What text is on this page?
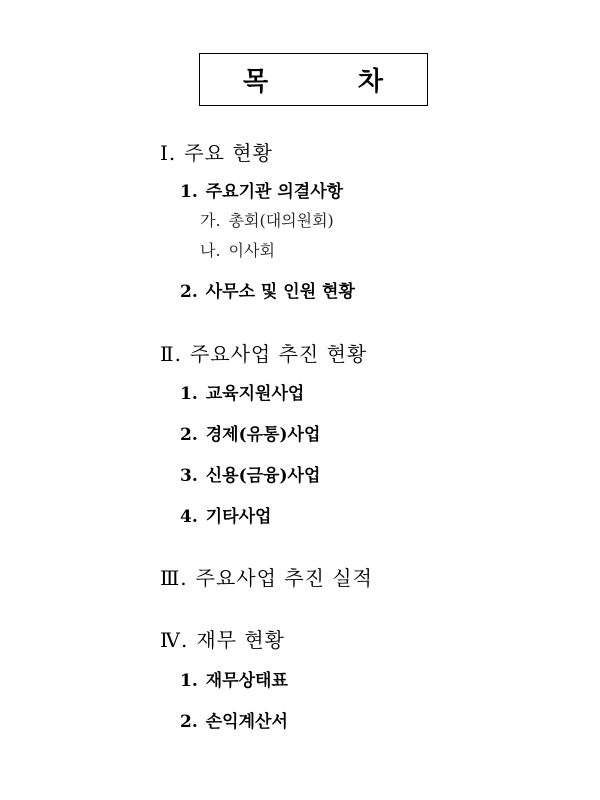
목	차
Ⅰ. 주요 현황
1. 주요기관 의결사항
가. 총회(대의원회)
나. 이사회
2. 사무소 및 인원 현황
Ⅱ. 주요사업 추진 현황
1. 교육지원사업
2. 경제(유통)사업
3. 신용(금융)사업
4. 기타사업
Ⅲ. 주요사업 추진 실적
Ⅳ. 재무 현황
1. 재무상태표
2. 손익계산서
